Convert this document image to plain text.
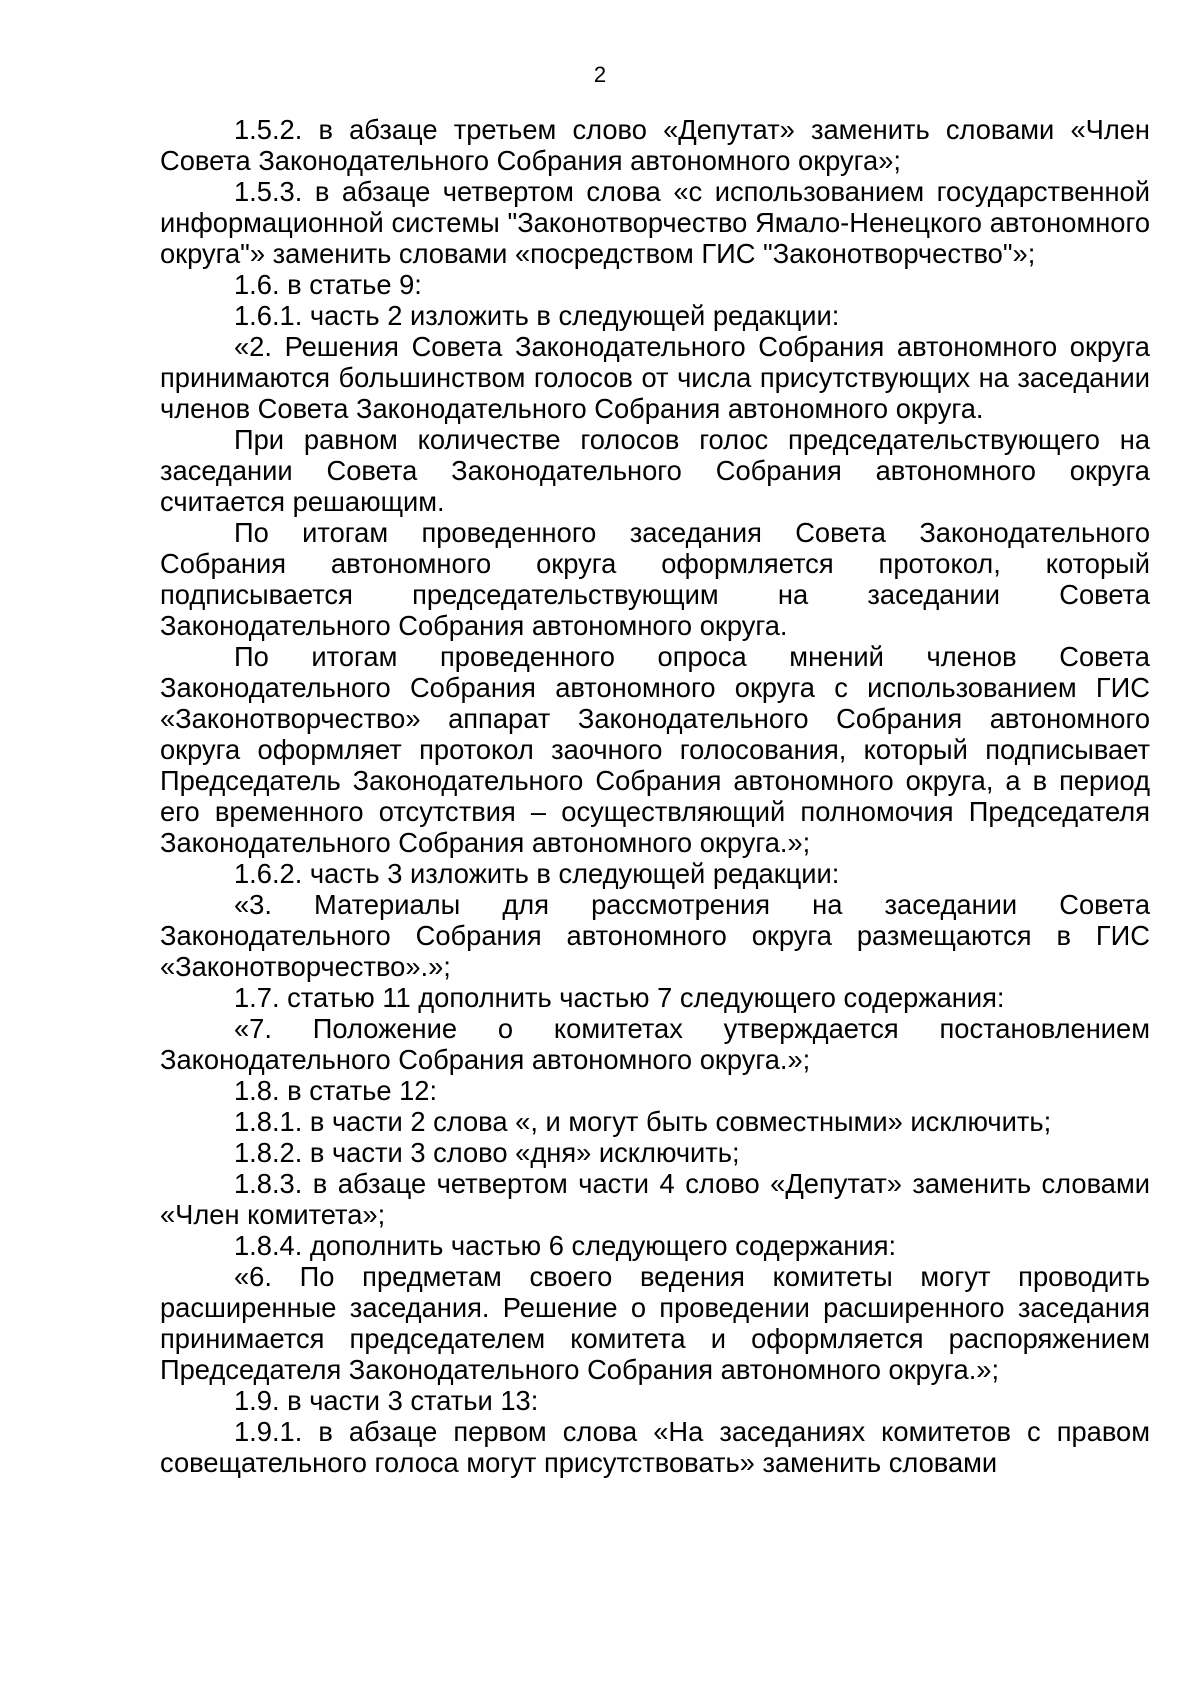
2

1.5.2. в абзаце третьем слово «Депутат» заменить словами «Член Совета Законодательного Собрания автономного округа»;

1.5.3. в абзаце четвертом слова «с использованием государственной информационной системы "Законотворчество Ямало-Ненецкого автономного округа"» заменить словами «посредством ГИС "Законотворчество"»;

1.6. в статье 9:

1.6.1. часть 2 изложить в следующей редакции:

«2. Решения Совета Законодательного Собрания автономного округа принимаются большинством голосов от числа присутствующих на заседании членов Совета Законодательного Собрания автономного округа.

При равном количестве голосов голос председательствующего на заседании Совета Законодательного Собрания автономного округа считается решающим.

По итогам проведенного заседания Совета Законодательного Собрания автономного округа оформляется протокол, который подписывается председательствующим на заседании Совета Законодательного Собрания автономного округа.

По итогам проведенного опроса мнений членов Совета Законодательного Собрания автономного округа с использованием ГИС «Законотворчество» аппарат Законодательного Собрания автономного округа оформляет протокол заочного голосования, который подписывает Председатель Законодательного Собрания автономного округа, а в период его временного отсутствия – осуществляющий полномочия Председателя Законодательного Собрания автономного округа.»;

1.6.2. часть 3 изложить в следующей редакции:

«3. Материалы для рассмотрения на заседании Совета Законодательного Собрания автономного округа размещаются в ГИС «Законотворчество».»;

1.7. статью 11 дополнить частью 7 следующего содержания:

«7. Положение о комитетах утверждается постановлением Законодательного Собрания автономного округа.»;

1.8. в статье 12:

1.8.1. в части 2 слова «, и могут быть совместными» исключить;

1.8.2. в части 3 слово «дня» исключить;

1.8.3. в абзаце четвертом части 4 слово «Депутат» заменить словами «Член комитета»;

1.8.4. дополнить частью 6 следующего содержания:

«6. По предметам своего ведения комитеты могут проводить расширенные заседания. Решение о проведении расширенного заседания принимается председателем комитета и оформляется распоряжением Председателя Законодательного Собрания автономного округа.»;

1.9. в части 3 статьи 13:

1.9.1. в абзаце первом слова «На заседаниях комитетов с правом совещательного голоса могут присутствовать» заменить словами
